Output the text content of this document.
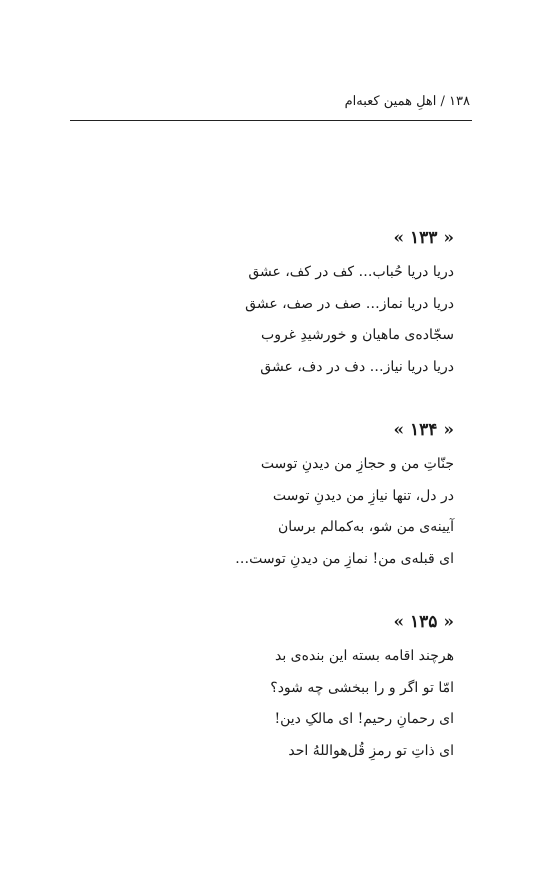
۱۳۸ / اهلِ همین کعبه‌ام
« ۱۳۳ »
دریا دریا حُباب… کف در کف، عشق
دریا دریا نماز… صف در صف، عشق
سجّاده‌ی ماهیان و خورشیدِ غروب
دریا دریا نیاز… دف در دف، عشق
« ۱۳۴ »
جنّاتِ من و حجازِ من دیدنِ توست
در دل، تنها نیازِ من دیدنِ توست
آیینه‌ی من شو، به‌کمالم برسان
ای قبله‌ی من! نمازِ من دیدنِ توست…
« ۱۳۵ »
هرچند اقامه بسته این بنده‌ی بد
امّا تو اگر و را ببخشی چه شود؟
ای رحمانِ رحیم! ای مالکِ دین!
ای ذاتِ تو رمزِ قُل‌هواللهُ احد
